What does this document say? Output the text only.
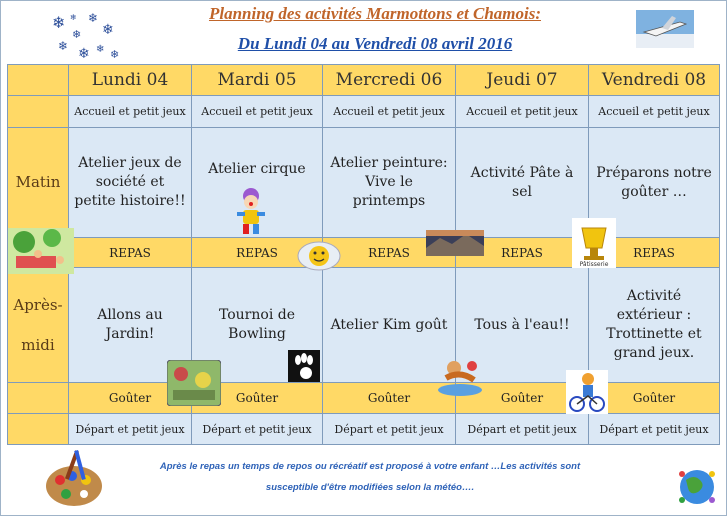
❄
❄
❄
❄
❄ ❄ ❄ ❄
❄	Planning des activités Marmottons et Chamois:
Du Lundi 04 au Vendredi 08 avril 2016
	Lundi 04	Mardi 05	Mercredi 06	Jeudi 07	Vendredi 08
	Accueil et petit jeux	Accueil et petit jeux	Accueil et petit jeux	Accueil et petit jeux	Accueil et petit jeux
Matin	Atelier jeux de société et petite histoire!!	Atelier cirque	Atelier peinture: Vive le printemps	Activité Pâte à sel	Préparons notre goûter …
	REPAS	REPAS	REPAS	REPAS	REPAS
Après-

midi	Allons au Jardin!	Tournoi de Bowling	Atelier Kim goût	Tous à l'eau!!	Activité extérieur : Trottinette et grand jeux.
	Goûter	Goûter	Goûter	Goûter	Goûter
	Départ et petit jeux	Départ et petit jeux	Départ et petit jeux	Départ et petit jeux	Départ et petit jeux
Pâtisserie
Après le repas un temps de repos ou récréatif est proposé à votre enfant …Les activités sont
susceptible d'être modifiées selon la météo….
